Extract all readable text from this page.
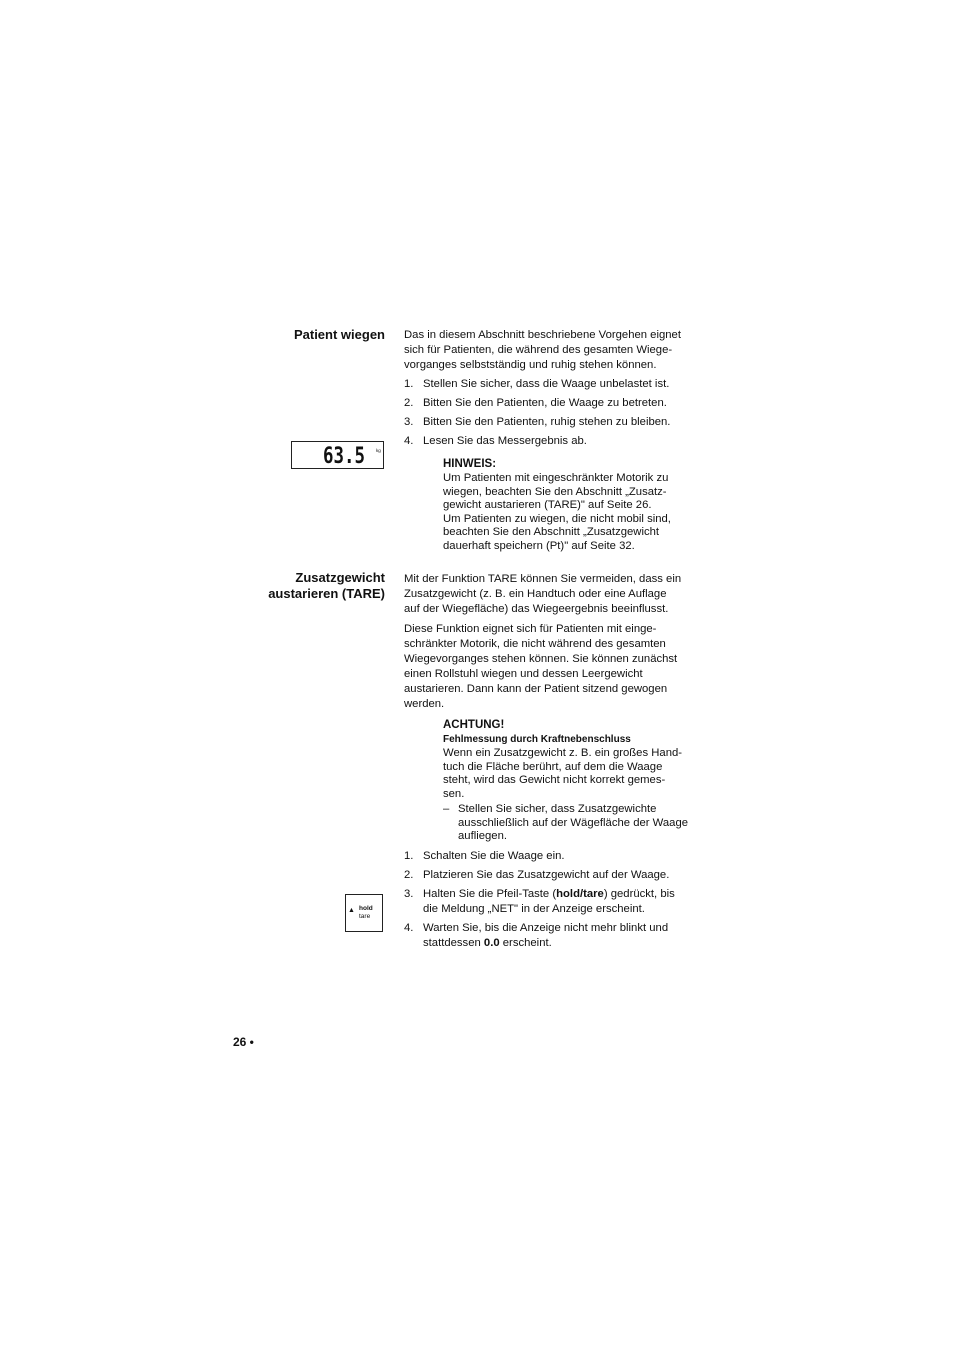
Patient wiegen Das in diesem Abschnitt beschriebene Vorgehen eignet
sich für Patienten, die während des gesamten Wiege-
vorganges selbstständig und ruhig stehen können.
1. Stellen Sie sicher, dass die Waage unbelastet ist.
2. Bitten Sie den Patienten, die Waage zu betreten.
3. Bitten Sie den Patienten, ruhig stehen zu bleiben.
4. Lesen Sie das Messergebnis ab.
63.5 kg
HINWEIS:
Um Patienten mit eingeschränkter Motorik zu
wiegen, beachten Sie den Abschnitt „Zusatz-
gewicht austarieren (TARE)" auf Seite 26.
Um Patienten zu wiegen, die nicht mobil sind,
beachten Sie den Abschnitt „Zusatzgewicht
dauerhaft speichern (Pt)" auf Seite 32.
Zusatzgewicht
austarieren (TARE)
Mit der Funktion TARE können Sie vermeiden, dass ein
Zusatzgewicht (z. B. ein Handtuch oder eine Auflage
auf der Wiegefläche) das Wiegeergebnis beeinflusst.
Diese Funktion eignet sich für Patienten mit einge-
schränkter Motorik, die nicht während des gesamten
Wiegevorganges stehen können. Sie können zunächst
einen Rollstuhl wiegen und dessen Leergewicht
austarieren. Dann kann der Patient sitzend gewogen
werden.
ACHTUNG!
Fehlmessung durch Kraftnebenschluss
Wenn ein Zusatzgewicht z. B. ein großes Hand-
tuch die Fläche berührt, auf dem die Waage
steht, wird das Gewicht nicht korrekt gemes-
sen.
– Stellen Sie sicher, dass Zusatzgewichte
ausschließlich auf der Wägefläche der Waage
aufliegen.
1. Schalten Sie die Waage ein.
2. Platzieren Sie das Zusatzgewicht auf der Waage.
3. Halten Sie die Pfeil-Taste (hold/tare) gedrückt, bis
die Meldung „NET" in der Anzeige erscheint.
4. Warten Sie, bis die Anzeige nicht mehr blinkt und
stattdessen 0.0 erscheint.
▲ hold
tare
26 •
